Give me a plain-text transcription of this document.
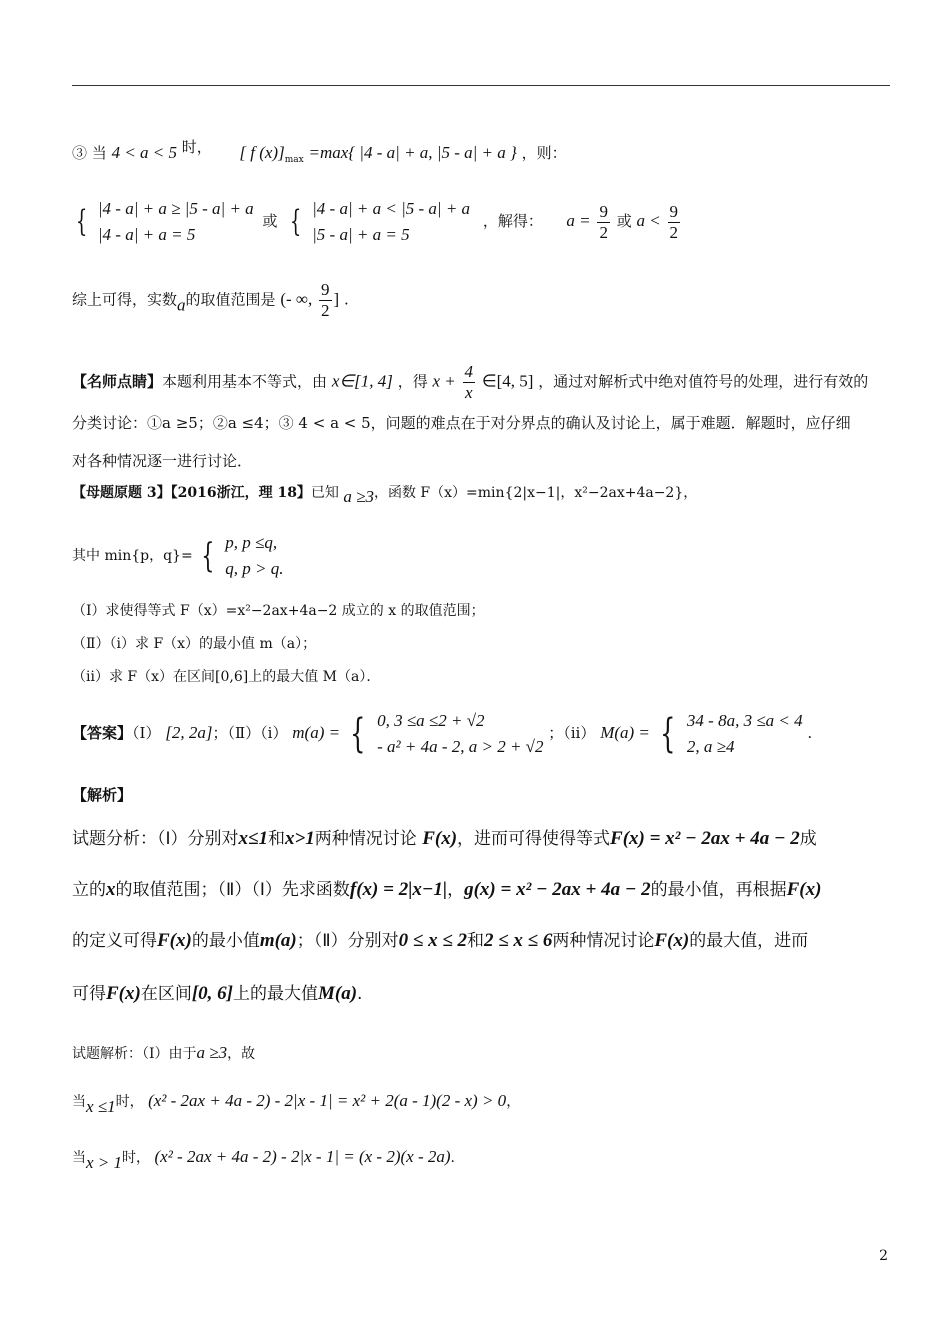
③ 当 4 < a < 5 时， [ f $(x)]_{max} =\max${ |4 - a| + a, |5 - a| + a } ，则：
{ |4 - a| + a ≥ |5 - a| + a
|4 - a| + a = 5
或 { |4 - a| + a < |5 - a| + a
|5 - a| + a = 5
，解得： $a = \frac{9}{2}$ 或 $a < \frac{9}{2}$
综上可得，实数a的取值范围是 (- ∞, $\frac{9}{2}$ ] .
【名师点睛】本题利用基本不等式，由 x∈[1, 4] ，得 $x + \frac{4}{x}$ ∈[4, 5] ，通过对解析式中绝对值符号的处理，进行有效的
分类讨论：①a ≥5；②a ≤4；③ 4 < a < 5，问题的难点在于对分界点的确认及讨论上，属于难题．解题时，应仔细
对各种情况逐一进行讨论．
【母题原题 3】【2016浙江，理 18】已知 a ≥3，函数 F（x）=min{2|x−1|，x²−2ax+4a−2}，
其中 min{p，q}= { p, p ≤q,
q, p > q.
（Ⅰ）求使得等式 F（x）=x²−2ax+4a−2 成立的 x 的取值范围；
（Ⅱ）（ⅰ）求 F（x）的最小值 m（a）；
（ⅱ）求 F（x）在区间[0,6]上的最大值 M（a）．
【答案】（Ⅰ） [2, 2a]；（Ⅱ）（ⅰ） m(a) = { 0, 3 ≤a ≤2 + √2
- a² + 4a - 2, a > 2 + √2
；（ⅱ） M(a) = { 34 - 8a, 3 ≤a < 4
2, a ≥4
.
【解析】
试题分析：（Ⅰ）分别对x≤1和x>1两种情况讨论 F(x)，进而可得使得等式F(x) = x² − 2ax + 4a − 2成
立的x的取值范围；（Ⅱ）（Ⅰ）先求函数f(x) = 2|x−1|，g(x) = x² − 2ax + 4a − 2的最小值，再根据F(x)
的定义可得F(x)的最小值m(a)；（Ⅱ）分别对0 ≤ x ≤ 2和2 ≤ x ≤ 6两种情况讨论F(x)的最大值，进而
可得F(x)在区间[0, 6]上的最大值M(a).
试题解析：（Ⅰ）由于a ≥3，故
当x ≤1时， (x² - 2ax + 4a - 2) - 2|x - 1| = x² + 2(a - 1)(2 - x) > 0，
当x > 1时， (x² - 2ax + 4a - 2) - 2|x - 1| = (x - 2)(x - 2a).
2
